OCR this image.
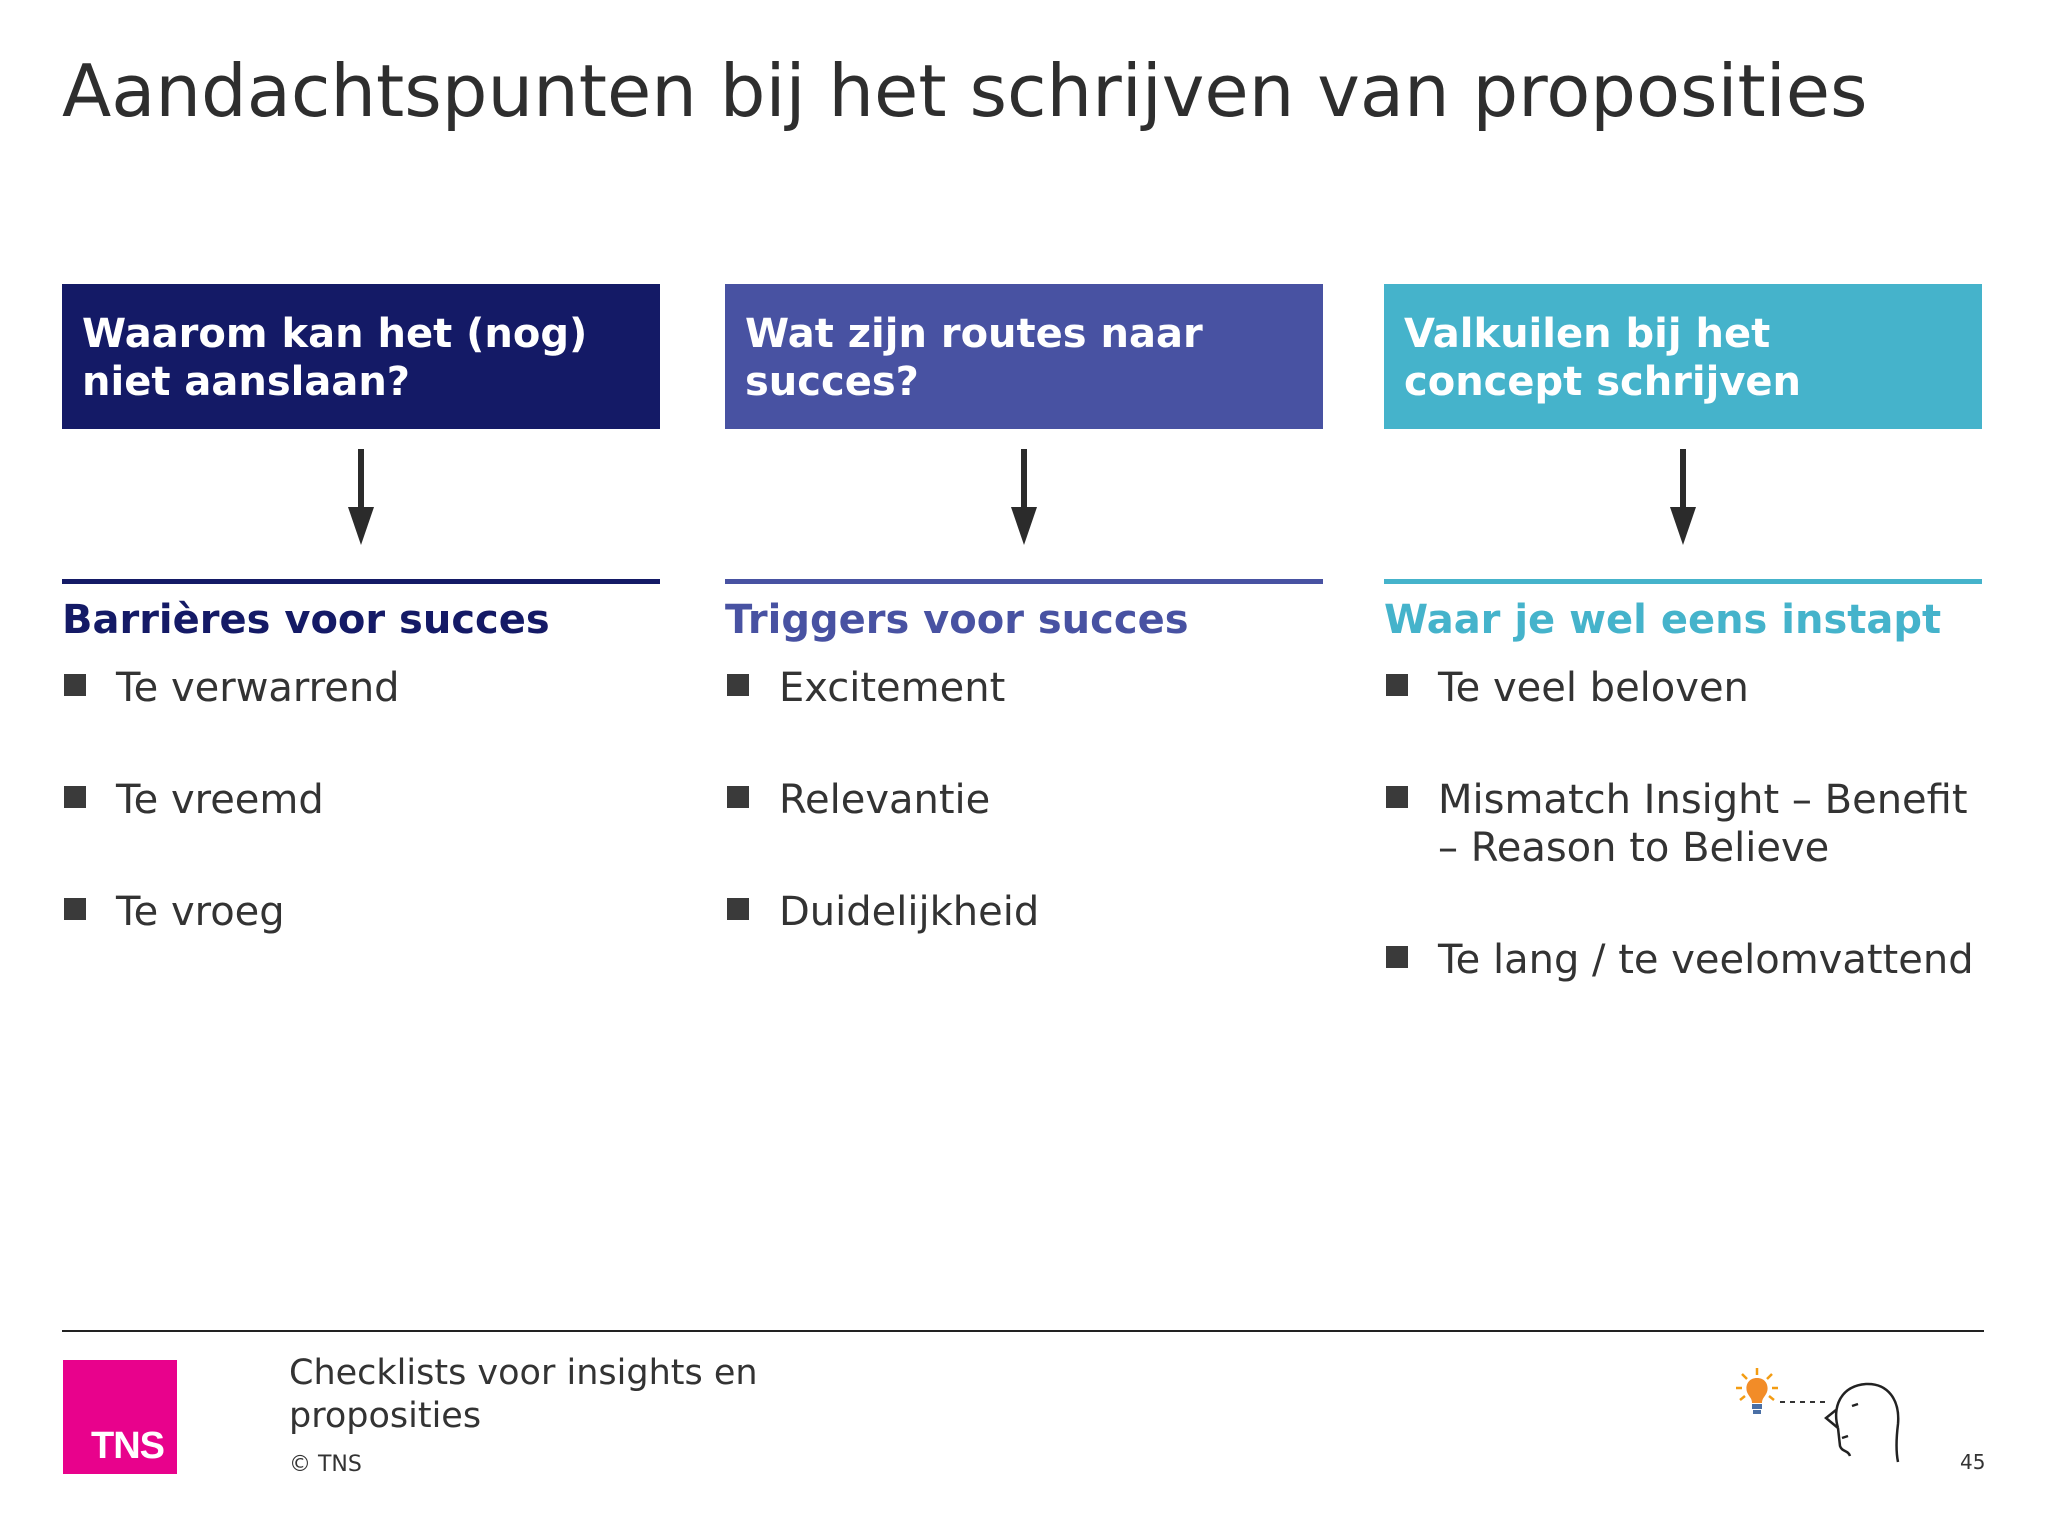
Aandachtspunten bij het schrijven van proposities
Waarom kan het (nog) niet aanslaan?
Barrières voor succes
Te verwarrend
Te vreemd
Te vroeg
Wat zijn routes naar succes?
Triggers voor succes
Excitement
Relevantie
Duidelijkheid
Valkuilen bij het concept schrijven
Waar je wel eens instapt
Te veel beloven
Mismatch Insight – Benefit – Reason to Believe
Te lang / te veelomvattend
TNS
Checklists voor insights en proposities
© TNS	45
